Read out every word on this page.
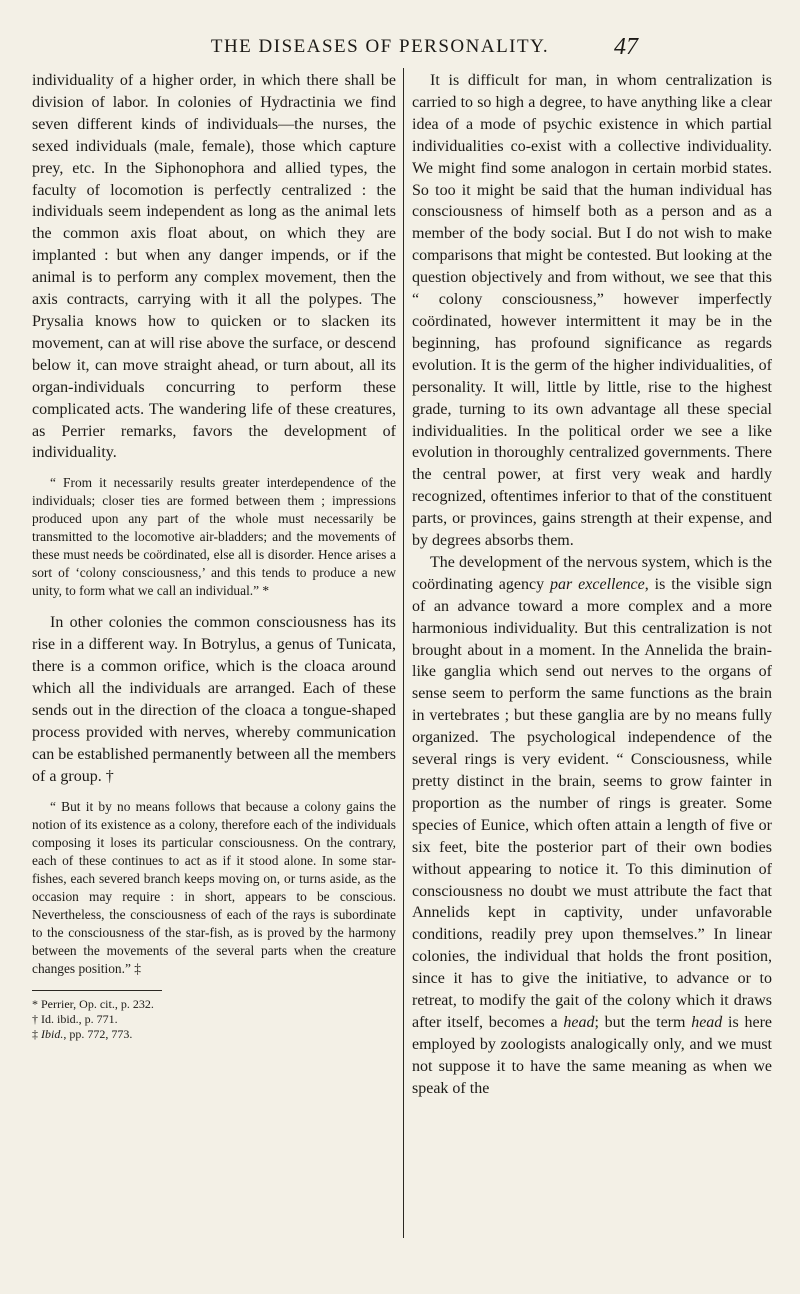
THE DISEASES OF PERSONALITY.	47

individuality of a higher order, in which there shall be division of labor. In colonies of Hydractinia we find seven different kinds of individuals—the nurses, the sexed individuals (male, female), those which capture prey, etc. In the Siphonophora and allied types, the faculty of locomotion is perfectly centralized : the individuals seem independent as long as the animal lets the common axis float about, on which they are implanted : but when any danger impends, or if the animal is to perform any complex movement, then the axis contracts, carrying with it all the polypes. The Prysalia knows how to quicken or to slacken its movement, can at will rise above the surface, or descend below it, can move straight ahead, or turn about, all its organ-individuals concurring to perform these complicated acts. The wandering life of these creatures, as Perrier remarks, favors the development of individuality.

“ From it necessarily results greater interdependence of the individuals; closer ties are formed between them ; impressions produced upon any part of the whole must necessarily be transmitted to the locomotive air-bladders; and the movements of these must needs be coördinated, else all is disorder. Hence arises a sort of ‘colony consciousness,’ and this tends to produce a new unity, to form what we call an individual.” *

In other colonies the common consciousness has its rise in a different way. In Botrylus, a genus of Tunicata, there is a common orifice, which is the cloaca around which all the individuals are arranged. Each of these sends out in the direction of the cloaca a tongue-shaped process provided with nerves, whereby communication can be established permanently between all the members of a group. †

“ But it by no means follows that because a colony gains the notion of its existence as a colony, therefore each of the individuals composing it loses its particular consciousness. On the contrary, each of these continues to act as if it stood alone. In some star-fishes, each severed branch keeps moving on, or turns aside, as the occasion may require : in short, appears to be conscious. Nevertheless, the consciousness of each of the rays is subordinate to the consciousness of the star-fish, as is proved by the harmony between the movements of the several parts when the creature changes position.” ‡

* Perrier, Op. cit., p. 232.

† Id. ibid., p. 771.

‡ Ibid., pp. 772, 773.

It is difficult for man, in whom centralization is carried to so high a degree, to have anything like a clear idea of a mode of psychic existence in which partial individualities co-exist with a collective individuality. We might find some analogon in certain morbid states. So too it might be said that the human individual has consciousness of himself both as a person and as a member of the body social. But I do not wish to make comparisons that might be contested. But looking at the question objectively and from without, we see that this “ colony consciousness,” however imperfectly coördinated, however intermittent it may be in the beginning, has profound significance as regards evolution. It is the germ of the higher individualities, of personality. It will, little by little, rise to the highest grade, turning to its own advantage all these special individualities. In the political order we see a like evolution in thoroughly centralized governments. There the central power, at first very weak and hardly recognized, oftentimes inferior to that of the constituent parts, or provinces, gains strength at their expense, and by degrees absorbs them.

The development of the nervous system, which is the coördinating agency par excellence, is the visible sign of an advance toward a more complex and a more harmonious individuality. But this centralization is not brought about in a moment. In the Annelida the brain-like ganglia which send out nerves to the organs of sense seem to perform the same functions as the brain in vertebrates ; but these ganglia are by no means fully organized. The psychological independence of the several rings is very evident. “ Consciousness, while pretty distinct in the brain, seems to grow fainter in proportion as the number of rings is greater. Some species of Eunice, which often attain a length of five or six feet, bite the posterior part of their own bodies without appearing to notice it. To this diminution of consciousness no doubt we must attribute the fact that Annelids kept in captivity, under unfavorable conditions, readily prey upon themselves.” In linear colonies, the individual that holds the front position, since it has to give the initiative, to advance or to retreat, to modify the gait of the colony which it draws after itself, becomes a head; but the term head is here employed by zoologists analogically only, and we must not suppose it to have the same meaning as when we speak of the
